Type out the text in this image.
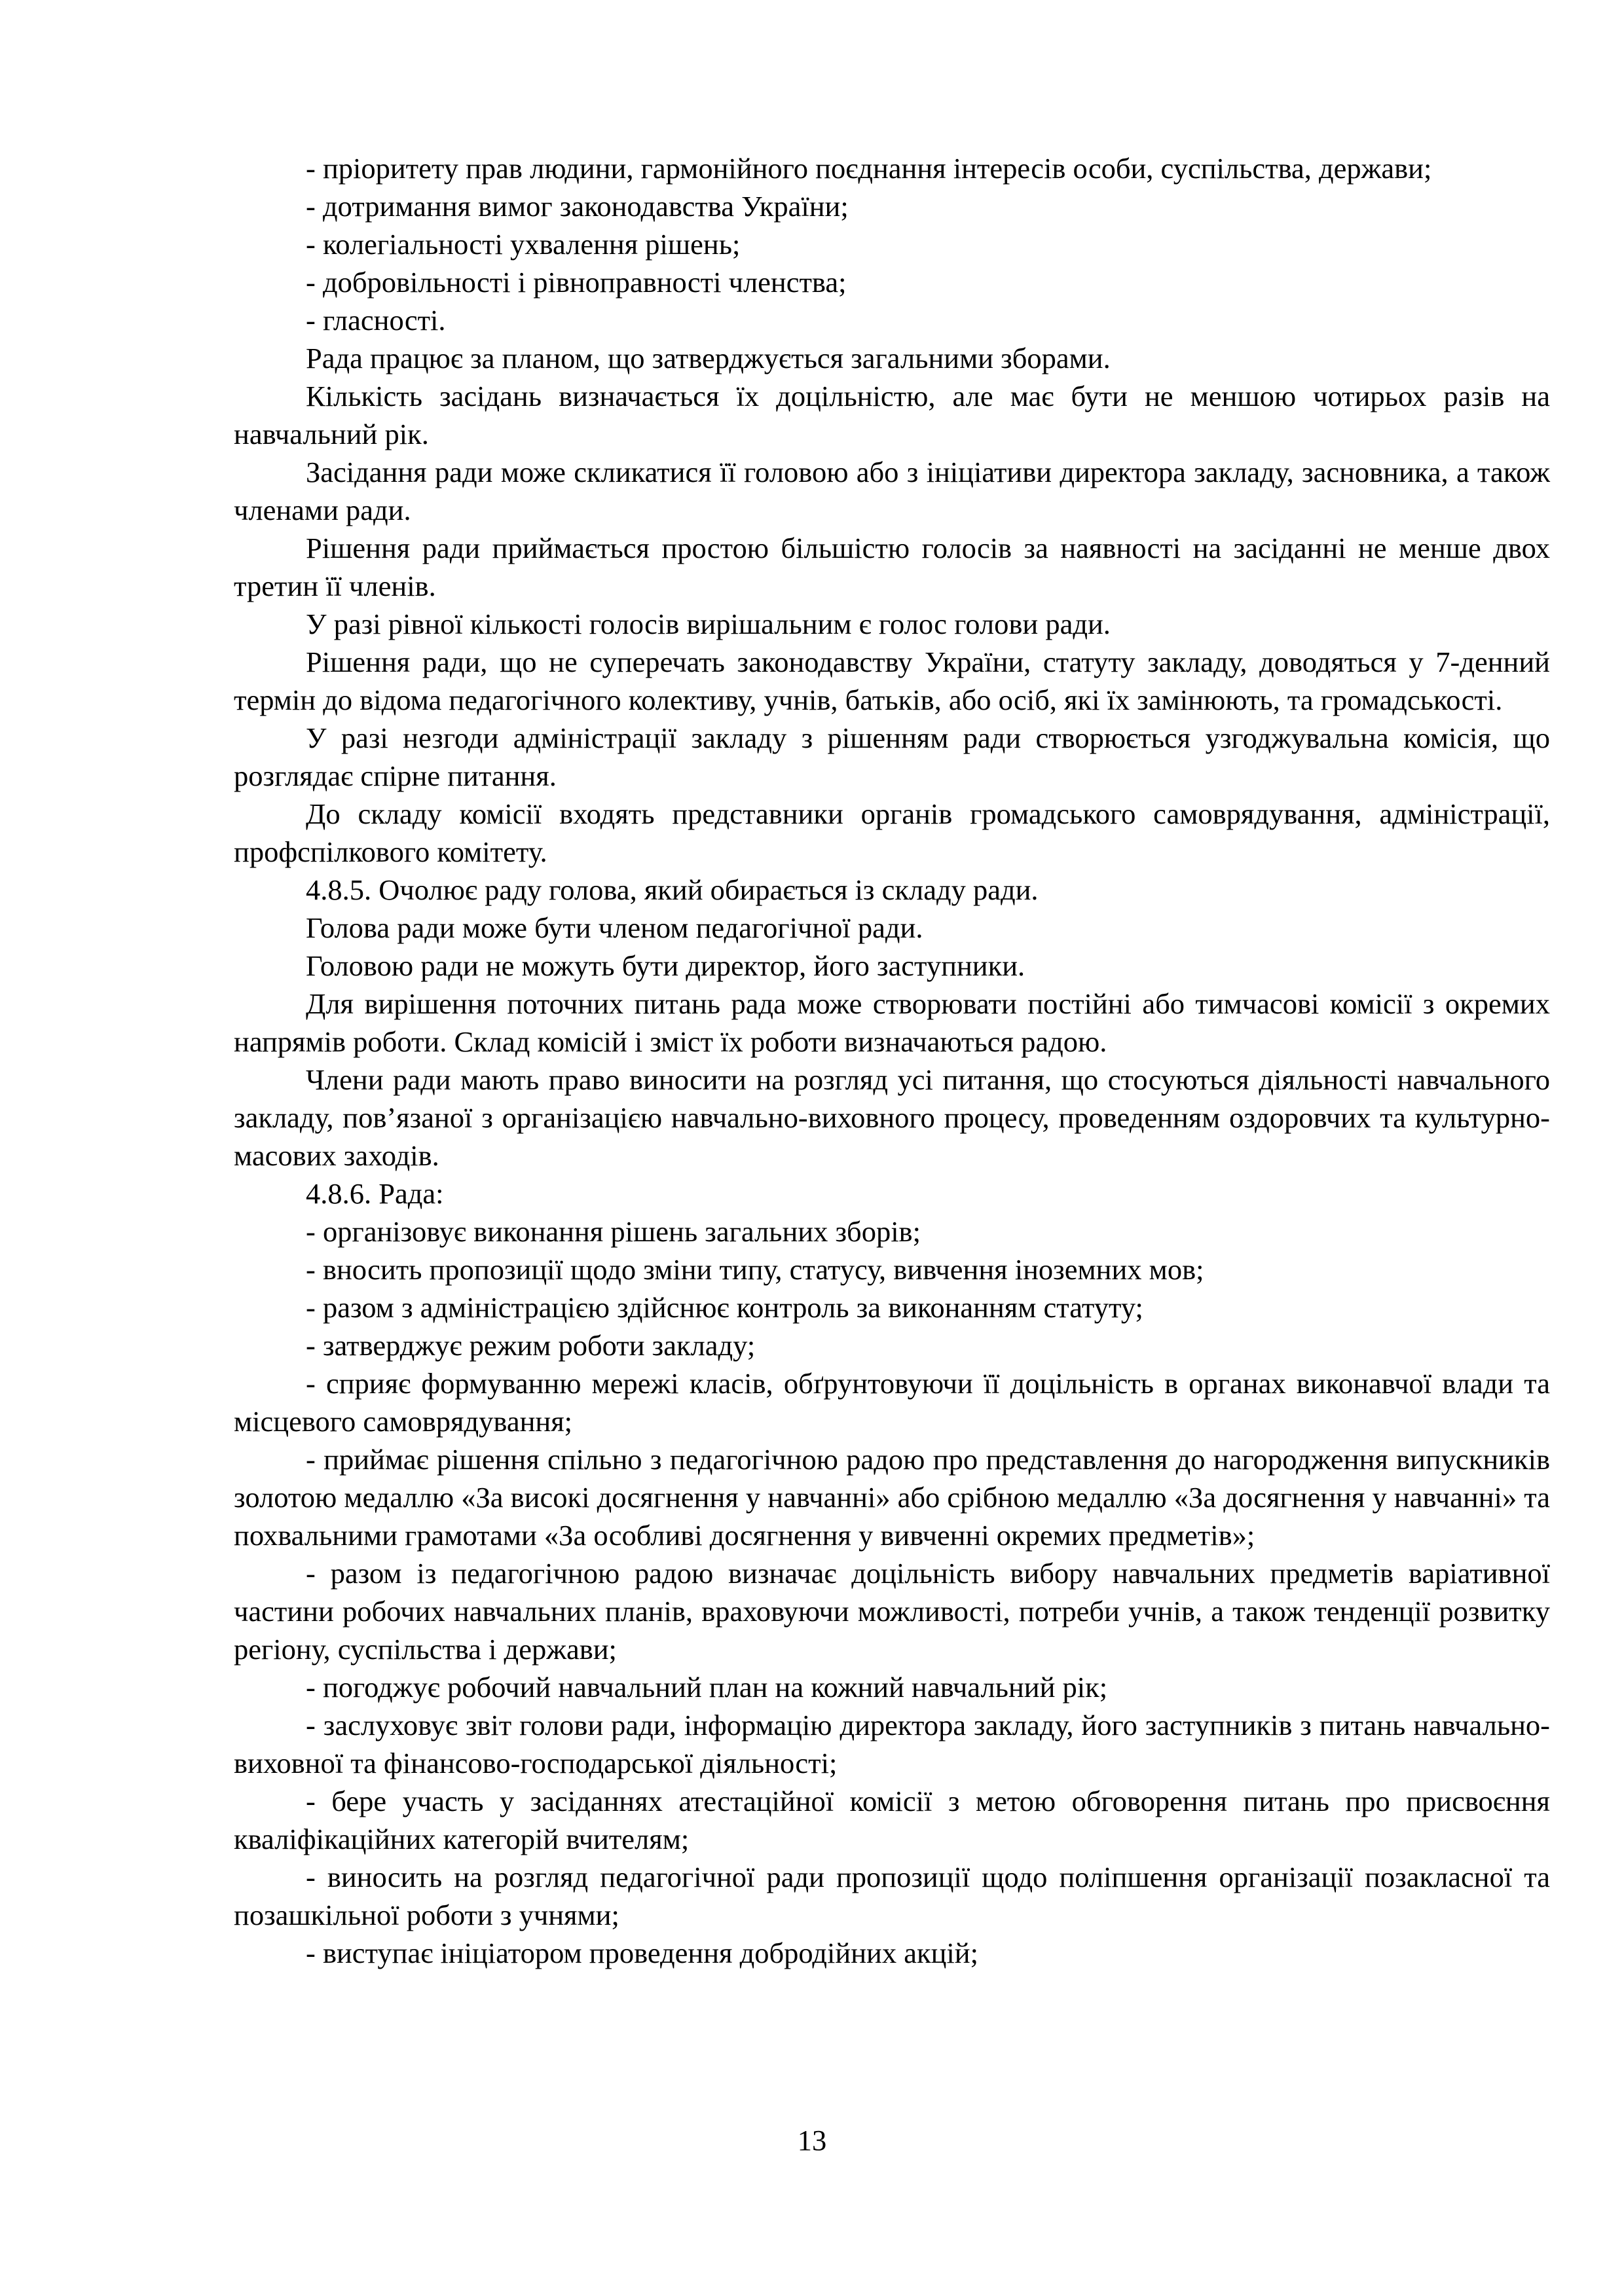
- пріоритету прав людини, гармонійного поєднання інтересів особи, суспільства, держави;

- дотримання вимог законодавства України;

- колегіальності ухвалення рішень;

- добровільності і рівноправності членства;

- гласності.

Рада працює за планом, що затверджується загальними зборами.

Кількість засідань визначається їх доцільністю, але має бути не меншою чотирьох разів на навчальний рік.

Засідання ради може скликатися її головою або з ініціативи директора закладу, засновника, а також членами ради.

Рішення ради приймається простою більшістю голосів за наявності на засіданні не менше двох третин її членів.

У разі рівної кількості голосів вирішальним є голос голови ради.

Рішення ради, що не суперечать законодавству України, статуту закладу, доводяться у 7-денний термін до відома педагогічного колективу, учнів, батьків, або осіб, які їх замінюють, та громадськості.

У разі незгоди адміністрації закладу з рішенням ради створюється узгоджувальна комісія, що розглядає спірне питання.

До складу комісії входять представники органів громадського самоврядування, адміністрації, профспілкового комітету.

4.8.5. Очолює раду голова, який обирається із складу ради.

Голова ради може бути членом педагогічної ради.

Головою ради не можуть бути директор, його заступники.

Для вирішення поточних питань рада може створювати постійні або тимчасові комісії з окремих напрямів роботи. Склад комісій і зміст їх роботи визначаються радою.

Члени ради мають право виносити на розгляд усі питання, що стосуються діяльності навчального закладу, пов’язаної з організацією навчально-виховного процесу, проведенням оздоровчих та культурно-масових заходів.

4.8.6. Рада:

- організовує виконання рішень загальних зборів;

- вносить пропозиції щодо зміни типу, статусу, вивчення іноземних мов;

- разом з адміністрацією здійснює контроль за виконанням статуту;

- затверджує режим роботи закладу;

- сприяє формуванню мережі класів, обґрунтовуючи її доцільність в органах виконавчої влади та місцевого самоврядування;

- приймає рішення спільно з педагогічною радою про представлення до нагородження випускників золотою медаллю «За високі досягнення у навчанні» або срібною медаллю «За досягнення у навчанні» та похвальними грамотами «За особливі досягнення у вивченні окремих предметів»;

- разом із педагогічною радою визначає доцільність вибору навчальних предметів варіативної частини робочих навчальних планів, враховуючи можливості, потреби учнів, а також тенденції розвитку регіону, суспільства і держави;

- погоджує робочий навчальний план на кожний навчальний рік;

- заслуховує звіт голови ради, інформацію директора закладу, його заступників з питань навчально-виховної та фінансово-господарської діяльності;

- бере участь у засіданнях атестаційної комісії з метою обговорення питань про присвоєння кваліфікаційних категорій вчителям;

- виносить на розгляд педагогічної ради пропозиції щодо поліпшення організації позакласної та позашкільної роботи з учнями;

- виступає ініціатором проведення добродійних акцій;

13
